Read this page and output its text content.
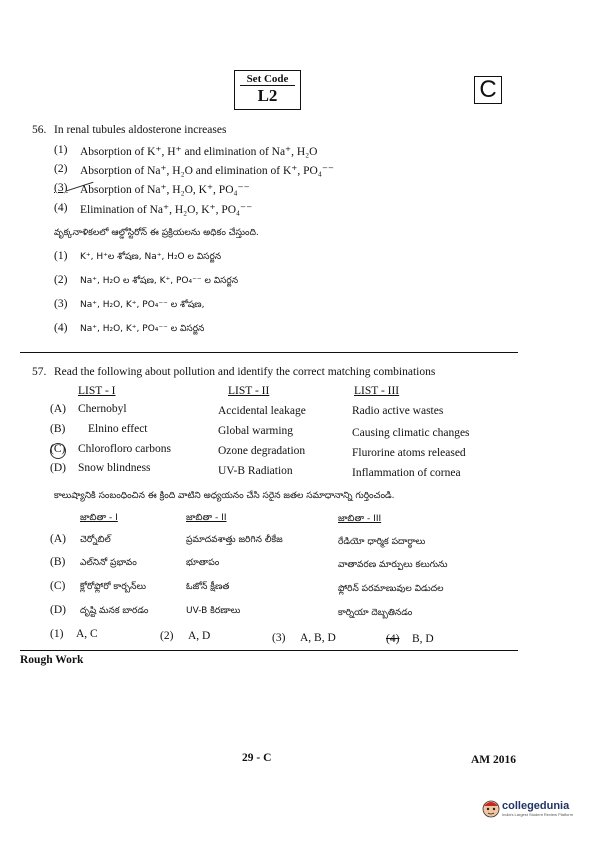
Set Code
L2	C
56. In renal tubules aldosterone increases
(1) Absorption of K⁺, H⁺ and elimination of Na⁺, H₂O
(2) Absorption of Na⁺, H₂O and elimination of K⁺, PO₄⁻⁻
(3) Absorption of Na⁺, H₂O, K⁺, PO₄⁻⁻
(4) Elimination of Na⁺, H₂O, K⁺, PO₄⁻⁻
వృక్కనాళికలలో ఆల్డోస్టిరోన్ ఈ ప్రక్రియలను అధికం చేస్తుంది.
(1) K⁺, H⁺ల శోషణ, Na⁺, H₂O ల విసర్జన
(2) Na⁺, H₂O ల శోషణ, K⁺, PO₄⁻⁻ ల విసర్జన
(3) Na⁺, H₂O, K⁺, PO₄⁻⁻ ల శోషణ,
(4) Na⁺, H₂O, K⁺, PO₄⁻⁻ ల విసర్జన
57. Read the following about pollution and identify the correct matching combinations
LIST - I	LIST - II	LIST - III
(A) Chernobyl	Accidental leakage	Radio active wastes
(B) Elnino effect	Global warming	Causing climatic changes
(C) Chlorofloro carbons	Ozone degradation	Flurorine atoms released
(D) Snow blindness	UV-B Radiation	Inflammation of cornea
కాలుష్యానికి సంబంధించిన ఈ క్రింది వాటిని అధ్యయనం చేసి సరైన జతల సమాధానాన్ని గుర్తించండి.
జాబితా - I	జాబితా - II	జాబితా - III
(A) చెర్నోబిల్	ప్రమాదవశాత్తు జరిగిన లీకేజ	రేడియో ధార్మిక పదార్థాలు
(B) ఎల్‌నినో ప్రభావం	భూతాపం	వాతావరణ మార్పులు కలుగును
(C) క్లోరోఫ్లోరో కార్బన్‌లు	ఓజోన్ క్షీణత	ఫ్లోరిన్ పరమాణువుల విడుదల
(D) దృష్టి మనక బారడం	UV-B కిరణాలు	కార్నియా దెబ్బతినడం
(1) A, C	(2) A, D	(3) A, B, D	(4) B, D
Rough Work
29 - C	AM 2016
collegedunia
India's Largest Student Review Platform
